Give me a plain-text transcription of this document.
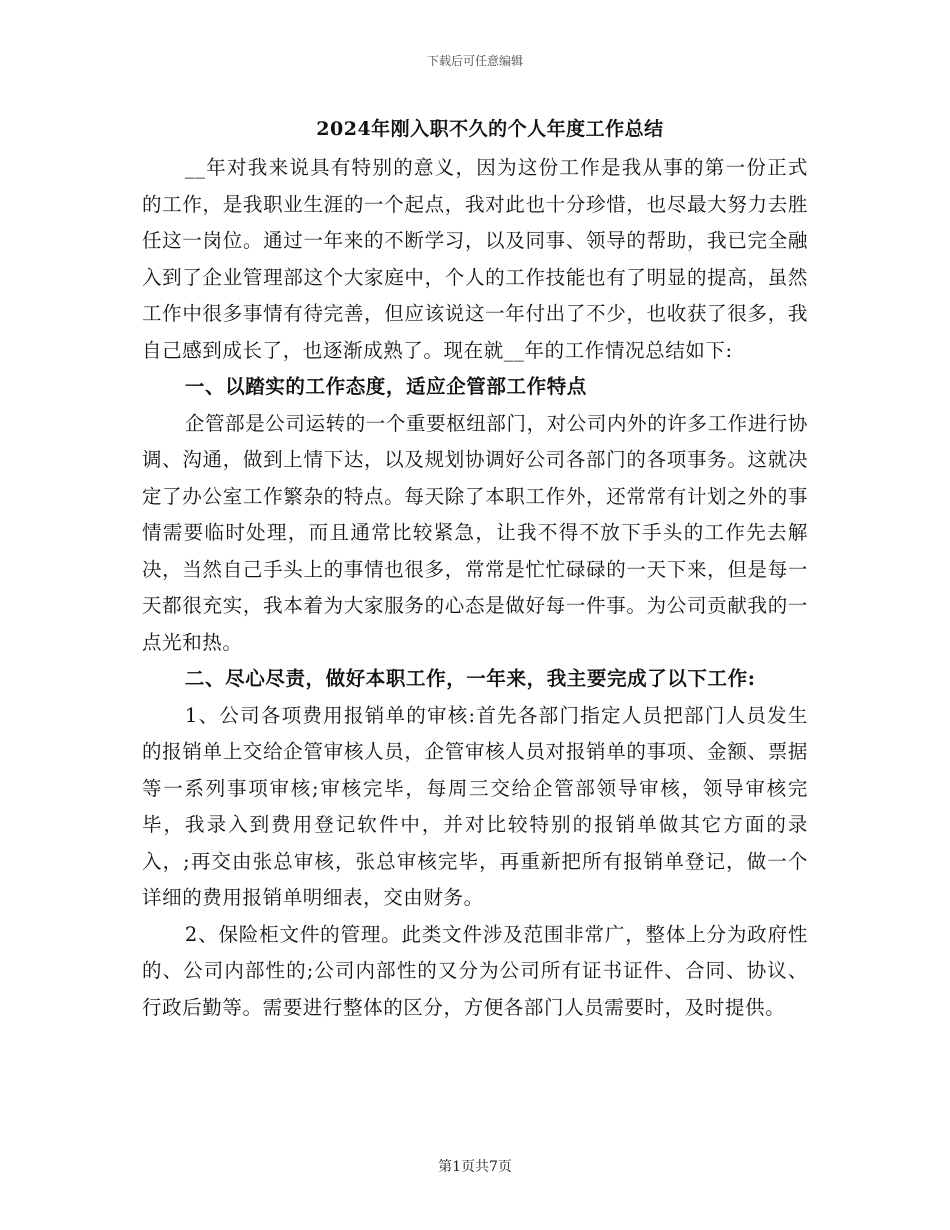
下载后可任意编辑
2024年刚入职不久的个人年度工作总结

__年对我来说具有特别的意义，因为这份工作是我从事的第一份正式的工作，是我职业生涯的一个起点，我对此也十分珍惜，也尽最大努力去胜任这一岗位。通过一年来的不断学习，以及同事、领导的帮助，我已完全融入到了企业管理部这个大家庭中，个人的工作技能也有了明显的提高，虽然工作中很多事情有待完善，但应该说这一年付出了不少，也收获了很多，我自己感到成长了，也逐渐成熟了。现在就__年的工作情况总结如下:

一、以踏实的工作态度，适应企管部工作特点

企管部是公司运转的一个重要枢纽部门，对公司内外的许多工作进行协调、沟通，做到上情下达，以及规划协调好公司各部门的各项事务。这就决定了办公室工作繁杂的特点。每天除了本职工作外，还常常有计划之外的事情需要临时处理，而且通常比较紧急，让我不得不放下手头的工作先去解决，当然自己手头上的事情也很多，常常是忙忙碌碌的一天下来，但是每一天都很充实，我本着为大家服务的心态是做好每一件事。为公司贡献我的一点光和热。

二、尽心尽责，做好本职工作，一年来，我主要完成了以下工作:

1、公司各项费用报销单的审核:首先各部门指定人员把部门人员发生的报销单上交给企管审核人员，企管审核人员对报销单的事项、金额、票据等一系列事项审核;审核完毕，每周三交给企管部领导审核，领导审核完毕，我录入到费用登记软件中，并对比较特别的报销单做其它方面的录入，;再交由张总审核，张总审核完毕，再重新把所有报销单登记，做一个详细的费用报销单明细表，交由财务。

2、保险柜文件的管理。此类文件涉及范围非常广，整体上分为政府性的、公司内部性的;公司内部性的又分为公司所有证书证件、合同、协议、行政后勤等。需要进行整体的区分，方便各部门人员需要时，及时提供。

第1页共7页
